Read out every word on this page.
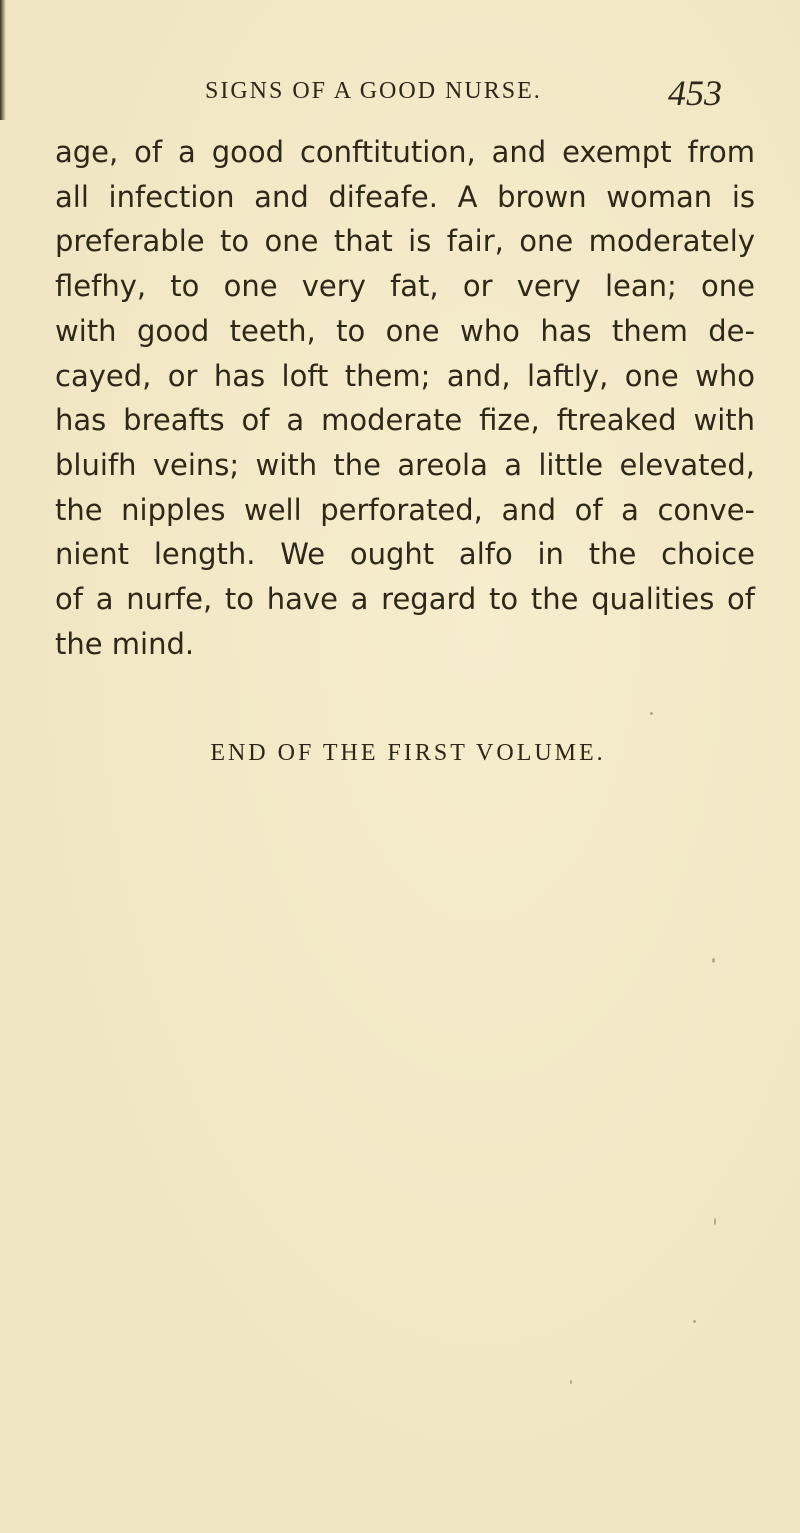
SIGNS OF A GOOD NURSE.	453
age, of a good conftitution, and exempt from
all infection and difeafe. A brown woman is
preferable to one that is fair, one moderately
flefhy, to one very fat, or very lean; one
with good teeth, to one who has them de-
cayed, or has loft them; and, laftly, one who
has breafts of a moderate fize, ftreaked with
bluifh veins; with the areola a little elevated,
the nipples well perforated, and of a conve-
nient length. We ought alfo in the choice
of a nurfe, to have a regard to the qualities of
the mind.
END OF THE FIRST VOLUME.
